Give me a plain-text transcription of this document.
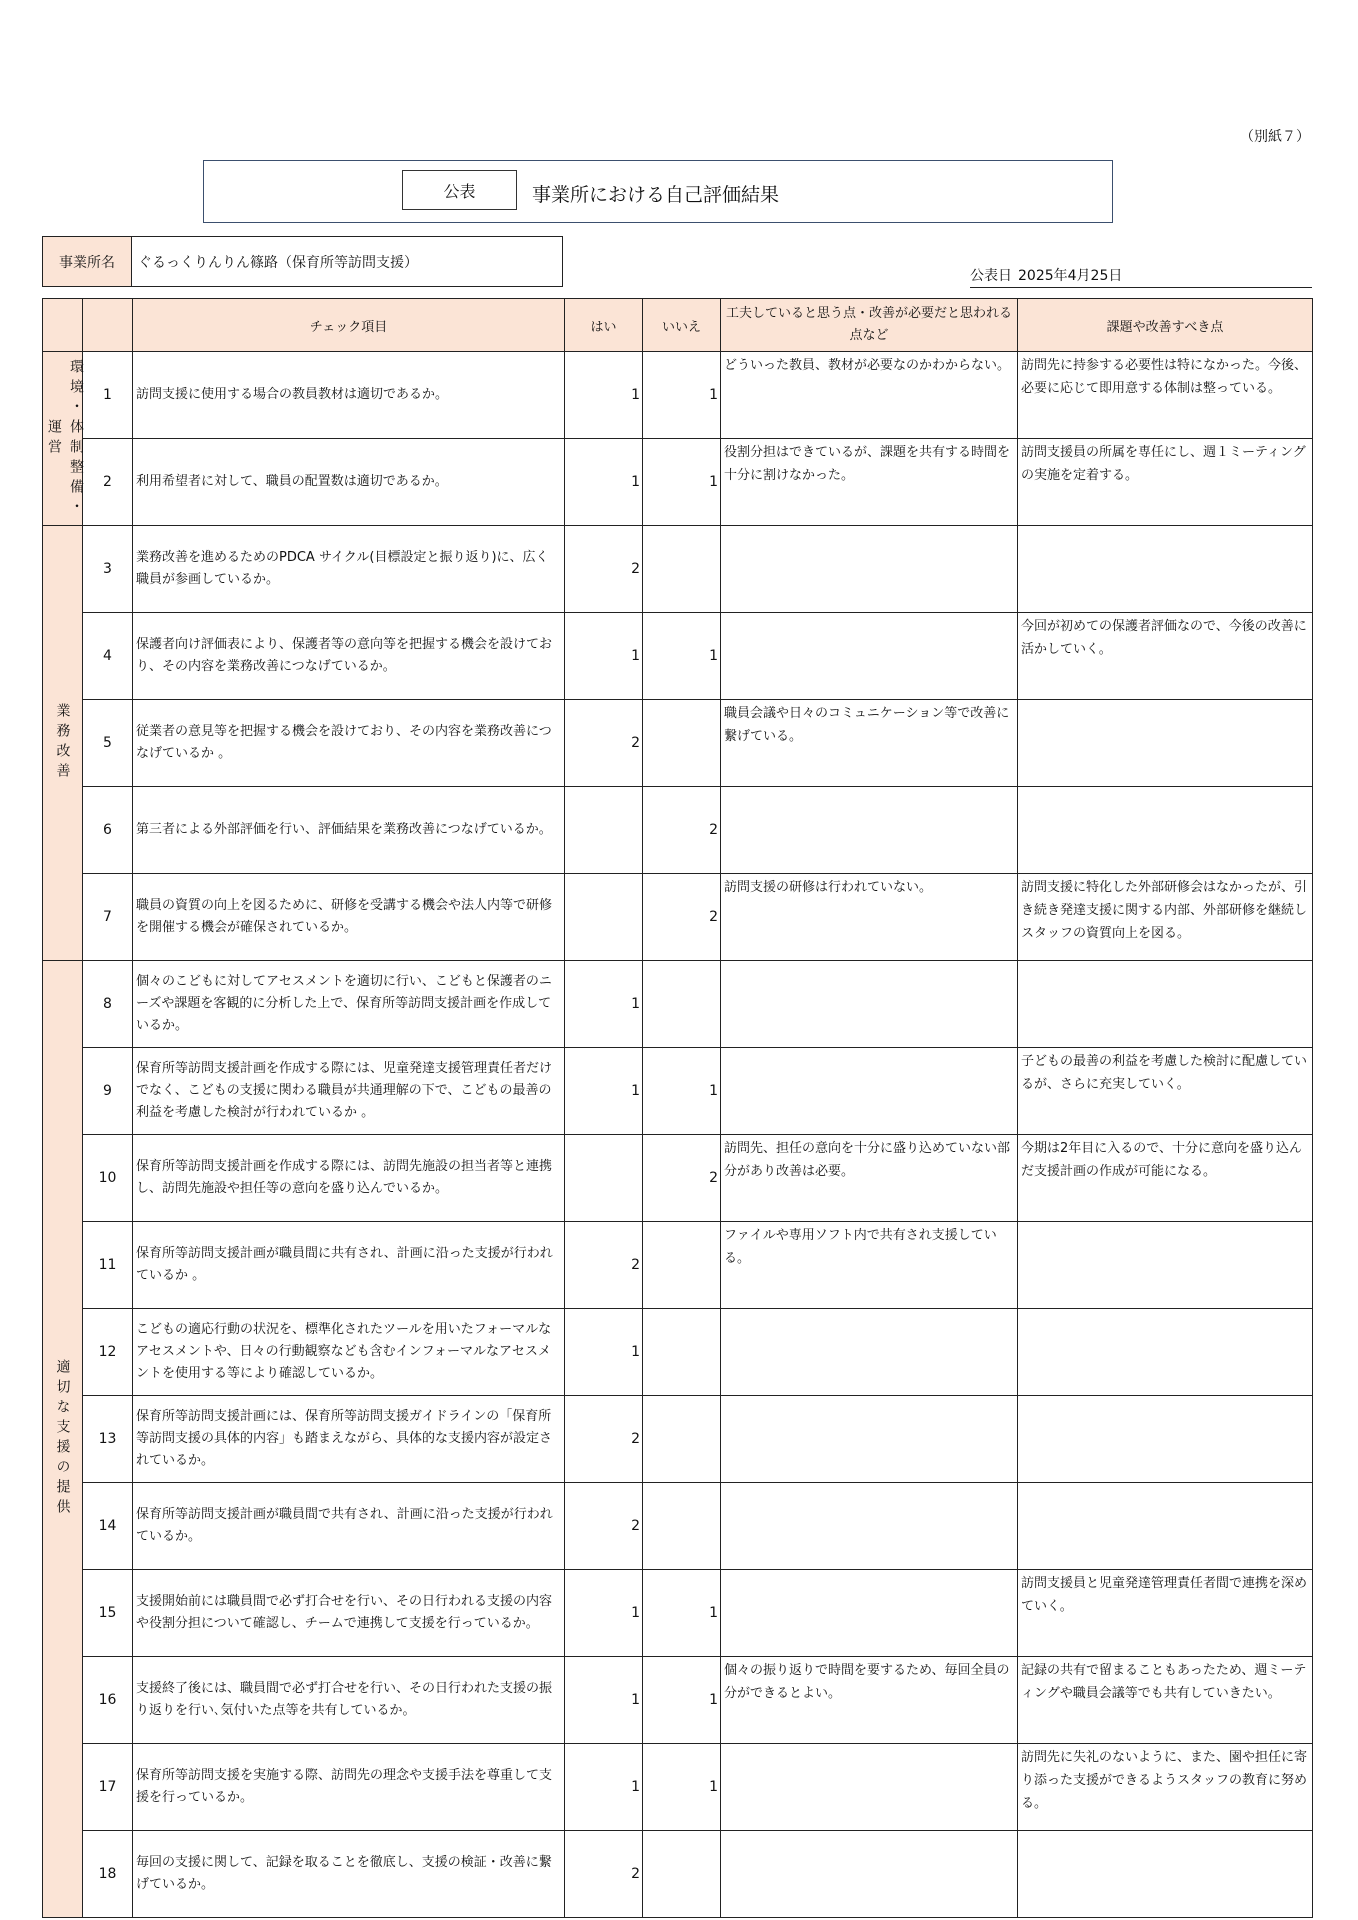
（別紙７）
公表	事業所における自己評価結果
事業所名	ぐるっくりんりん篠路（保育所等訪問支援）
公表日 2025年4月25日
		チェック項目	はい	いいえ	工夫していると思う点・改善が必要だと思われる点など	課題や改善すべき点

環境・体制整備・運営	1	訪問支援に使用する場合の教員教材は適切であるか。	1	1	どういった教員、教材が必要なのかわからない。	訪問先に持参する必要性は特になかった。今後、必要に応じて即用意する体制は整っている。
	2	利用希望者に対して、職員の配置数は適切であるか。	1	1	役割分担はできているが、課題を共有する時間を十分に割けなかった。	訪問支援員の所属を専任にし、週１ミーティングの実施を定着する。

業務改善	3	業務改善を進めるためのPDCA サイクル(目標設定と振り返り)に、広く職員が参画しているか。	2			
	4	保護者向け評価表により、保護者等の意向等を把握する機会を設けており、その内容を業務改善につなげているか。	1	1		今回が初めての保護者評価なので、今後の改善に活かしていく。
	5	従業者の意見等を把握する機会を設けており、その内容を業務改善につなげているか 。	2		職員会議や日々のコミュニケーション等で改善に繋げている。	
	6	第三者による外部評価を行い、評価結果を業務改善につなげているか。		2		
	7	職員の資質の向上を図るために、研修を受講する機会や法人内等で研修を開催する機会が確保されているか。		2	訪問支援の研修は行われていない。	訪問支援に特化した外部研修会はなかったが、引き続き発達支援に関する内部、外部研修を継続しスタッフの資質向上を図る。

適切な支援の提供	8	個々のこどもに対してアセスメントを適切に行い、こどもと保護者のニーズや課題を客観的に分析した上で、保育所等訪問支援計画を作成しているか。	1			
	9	保育所等訪問支援計画を作成する際には、児童発達支援管理責任者だけでなく、こどもの支援に関わる職員が共通理解の下で、こどもの最善の利益を考慮した検討が行われているか 。	1	1		子どもの最善の利益を考慮した検討に配慮しているが、さらに充実していく。
	10	保育所等訪問支援計画を作成する際には、訪問先施設の担当者等と連携し、訪問先施設や担任等の意向を盛り込んでいるか。		2	訪問先、担任の意向を十分に盛り込めていない部分があり改善は必要。	今期は2年目に入るので、十分に意向を盛り込んだ支援計画の作成が可能になる。
	11	保育所等訪問支援計画が職員間に共有され、計画に沿った支援が行われているか 。	2		ファイルや専用ソフト内で共有され支援している。	
	12	こどもの適応行動の状況を、標準化されたツールを用いたフォーマルなアセスメントや、日々の行動観察なども含むインフォーマルなアセスメントを使用する等により確認しているか。	1			
	13	保育所等訪問支援計画には、保育所等訪問支援ガイドラインの「保育所等訪問支援の具体的内容」も踏まえながら、具体的な支援内容が設定されているか。	2			
	14	保育所等訪問支援計画が職員間で共有され、計画に沿った支援が行われているか。	2			
	15	支援開始前には職員間で必ず打合せを行い、その日行われる支援の内容や役割分担について確認し、チームで連携して支援を行っているか。	1	1		訪問支援員と児童発達管理責任者間で連携を深めていく。
	16	支援終了後には、職員間で必ず打合せを行い、その日行われた支援の振り返りを行い､気付いた点等を共有しているか。	1	1	個々の振り返りで時間を要するため、毎回全員の分ができるとよい。	記録の共有で留まることもあったため、週ミーティングや職員会議等でも共有していきたい。
	17	保育所等訪問支援を実施する際、訪問先の理念や支援手法を尊重して支援を行っているか。	1	1		訪問先に失礼のないように、また、園や担任に寄り添った支援ができるようスタッフの教育に努める。
	18	毎回の支援に関して、記録を取ることを徹底し、支援の検証・改善に繋げているか。	2			
